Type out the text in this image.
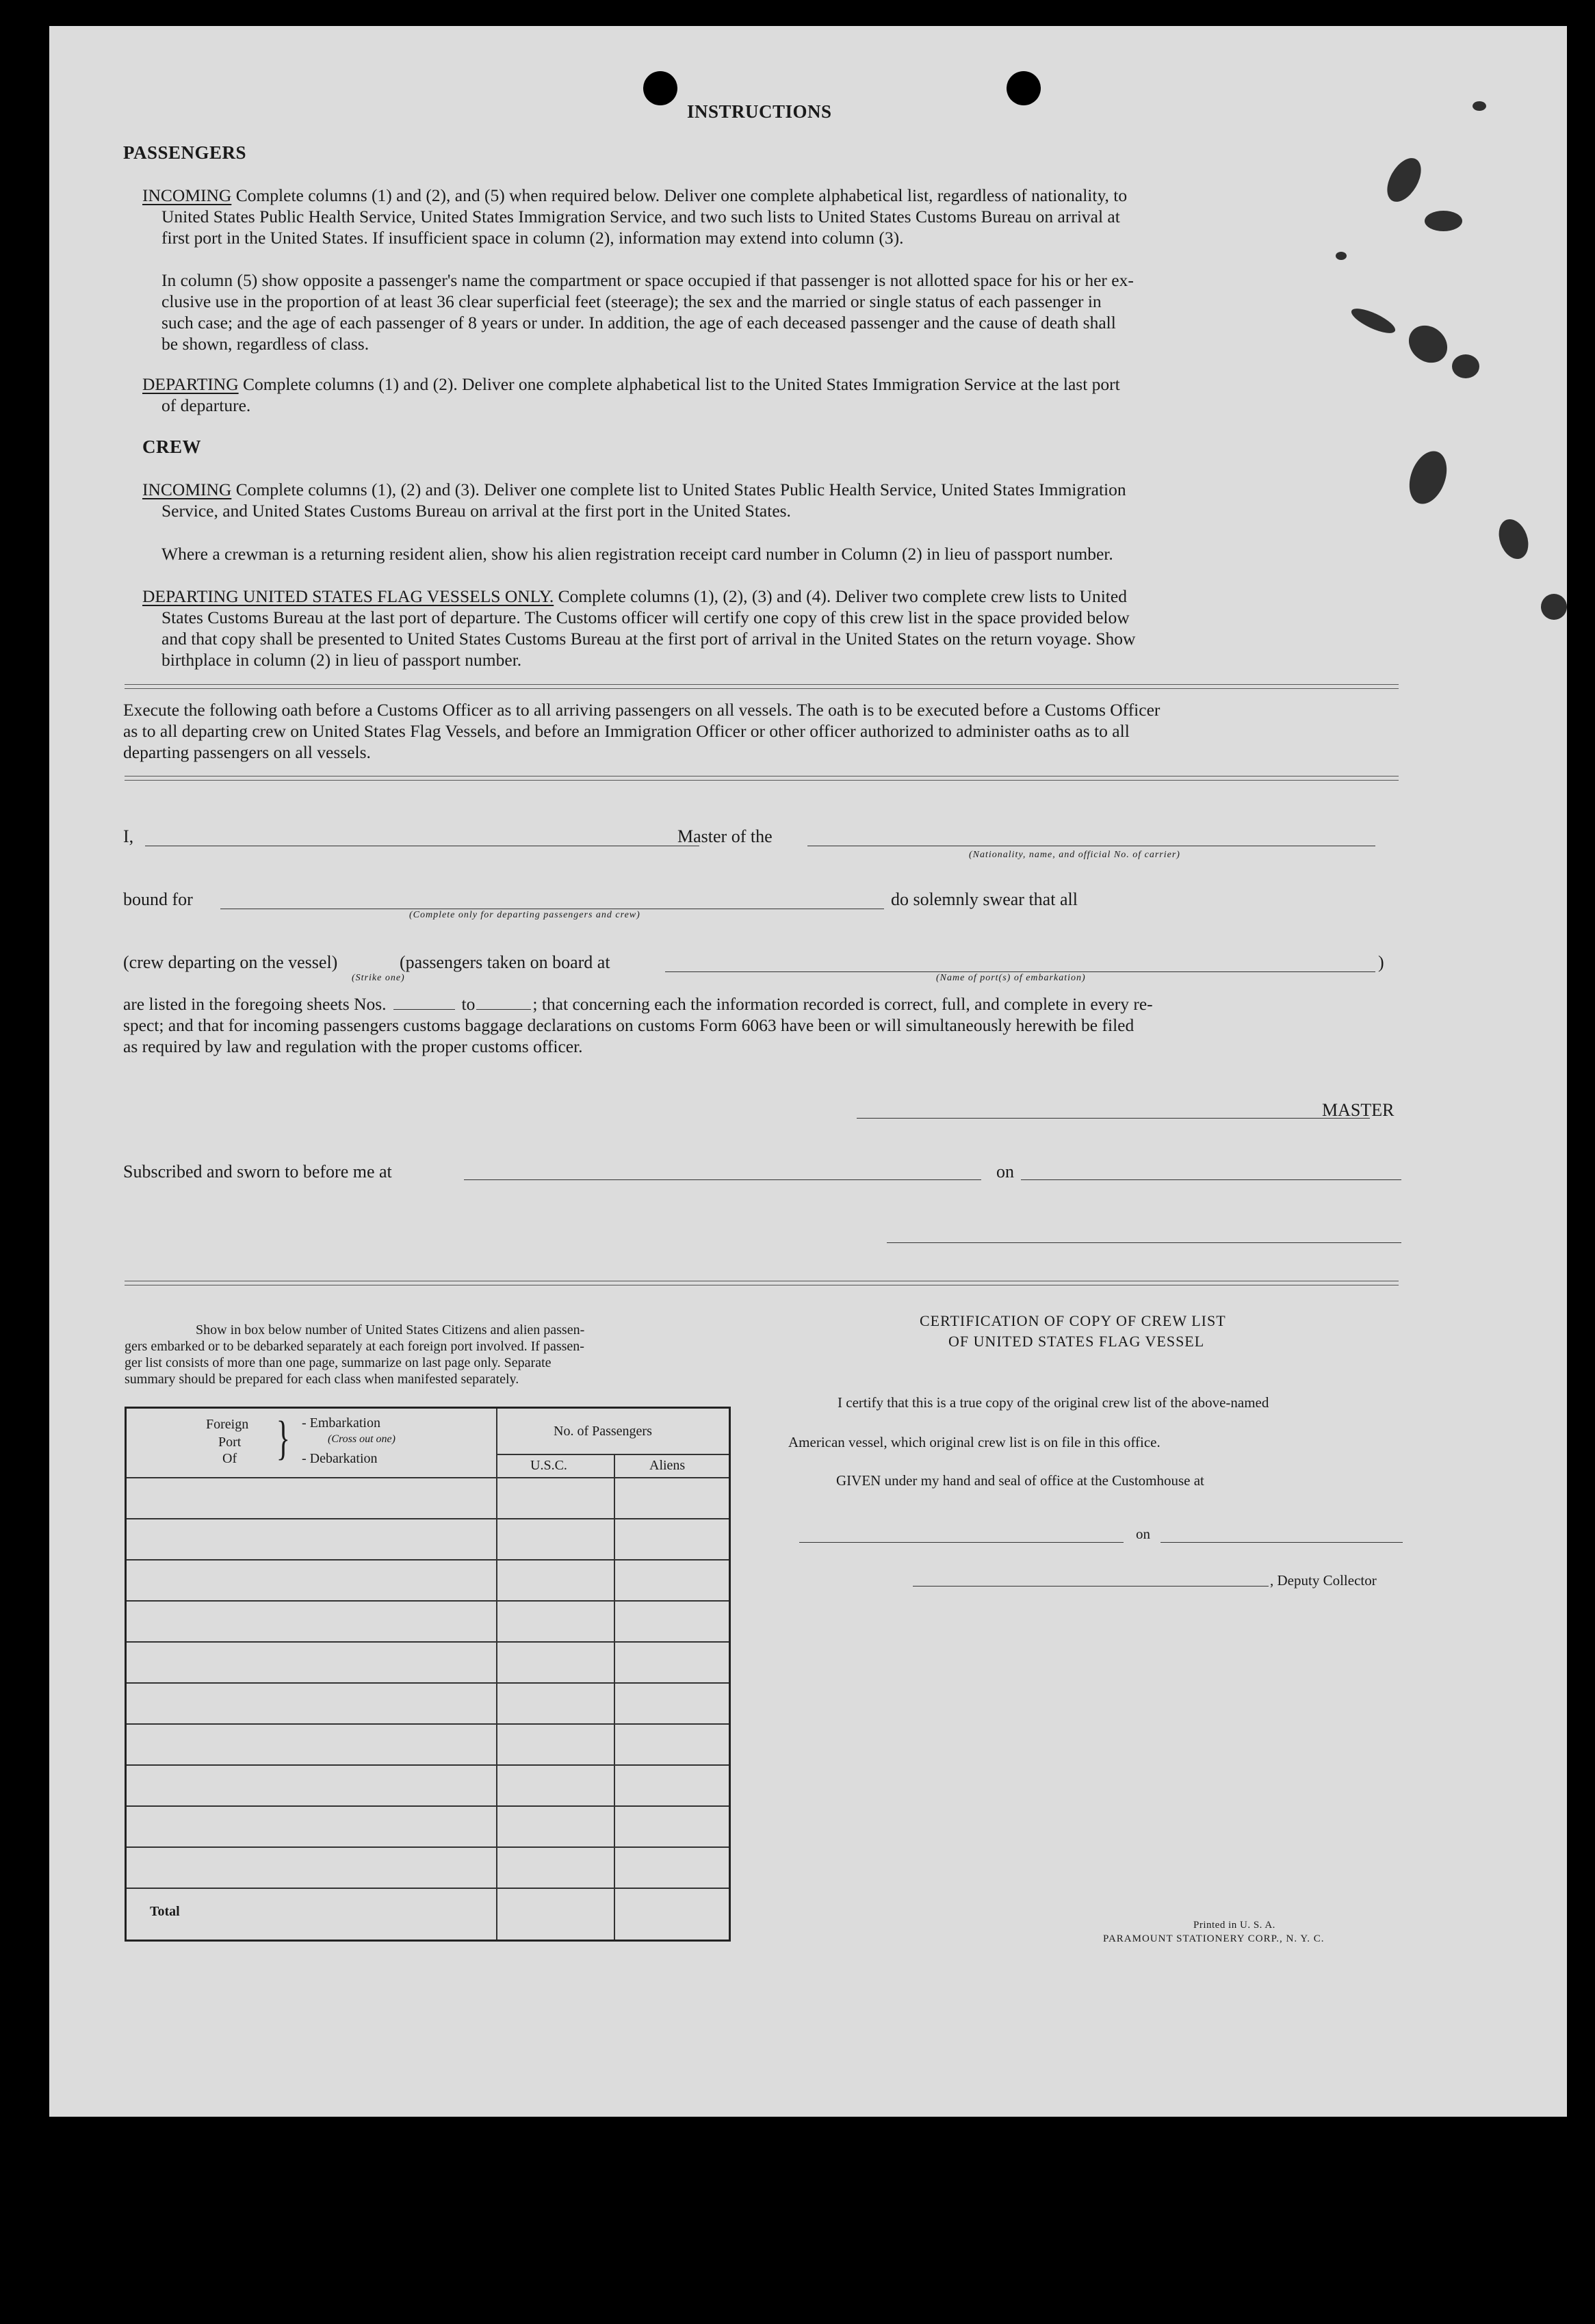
INSTRUCTIONS
PASSENGERS
INCOMING Complete columns (1) and (2), and (5) when required below. Deliver one complete alphabetical list, regardless of nationality, to
United States Public Health Service, United States Immigration Service, and two such lists to United States Customs Bureau on arrival at
first port in the United States. If insufficient space in column (2), information may extend into column (3).
In column (5) show opposite a passenger's name the compartment or space occupied if that passenger is not allotted space for his or her ex-
clusive use in the proportion of at least 36 clear superficial feet (steerage); the sex and the married or single status of each passenger in
such case; and the age of each passenger of 8 years or under. In addition, the age of each deceased passenger and the cause of death shall
be shown, regardless of class.
DEPARTING Complete columns (1) and (2). Deliver one complete alphabetical list to the United States Immigration Service at the last port
of departure.
CREW
INCOMING Complete columns (1), (2) and (3). Deliver one complete list to United States Public Health Service, United States Immigration
Service, and United States Customs Bureau on arrival at the first port in the United States.
Where a crewman is a returning resident alien, show his alien registration receipt card number in Column (2) in lieu of passport number.
DEPARTING UNITED STATES FLAG VESSELS ONLY. Complete columns (1), (2), (3) and (4). Deliver two complete crew lists to United
States Customs Bureau at the last port of departure. The Customs officer will certify one copy of this crew list in the space provided below
and that copy shall be presented to United States Customs Bureau at the first port of arrival in the United States on the return voyage. Show
birthplace in column (2) in lieu of passport number.
Execute the following oath before a Customs Officer as to all arriving passengers on all vessels. The oath is to be executed before a Customs Officer
as to all departing crew on United States Flag Vessels, and before an Immigration Officer or other officer authorized to administer oaths as to all
departing passengers on all vessels.
I,	Master of the
(Nationality, name, and official No. of carrier)
bound for
(Complete only for departing passengers and crew)
do solemnly swear that all
(crew departing on the vessel)	(passengers taken on board at	)
(Strike one)	(Name of port(s) of embarkation)
are listed in the foregoing sheets Nos.	to	; that concerning each the information recorded is correct, full, and complete in every re-
spect; and that for incoming passengers customs baggage declarations on customs Form 6063 have been or will simultaneously herewith be filed
as required by law and regulation with the proper customs officer.
MASTER
Subscribed and sworn to before me at	on
Show in box below number of United States Citizens and alien passen-
gers embarked or to be debarked separately at each foreign port involved. If passen-
ger list consists of more than one page, summarize on last page only. Separate
summary should be prepared for each class when manifested separately.
Foreign
Port
Of } - Embarkation
(Cross out one)
- Debarkation
No. of Passengers
U.S.C.	Aliens
Total
CERTIFICATION OF COPY OF CREW LIST
OF UNITED STATES FLAG VESSEL
I certify that this is a true copy of the original crew list of the above-named
American vessel, which original crew list is on file in this office.
GIVEN under my hand and seal of office at the Customhouse at
on
, Deputy Collector
Printed in U. S. A.
PARAMOUNT STATIONERY CORP., N. Y. C.
